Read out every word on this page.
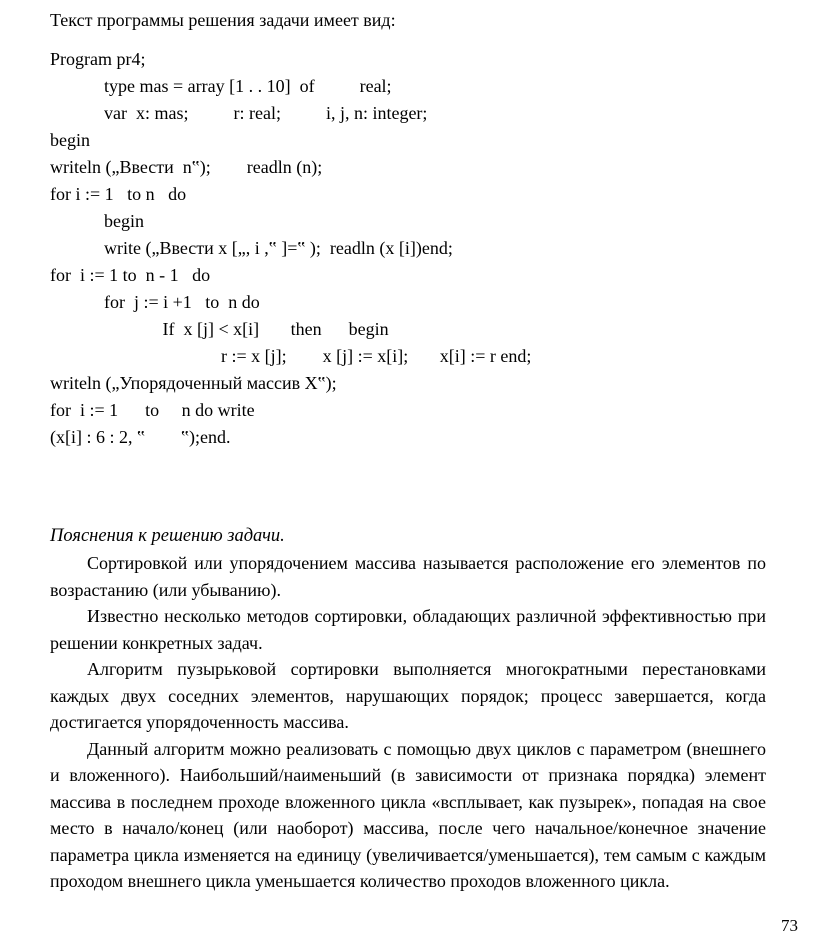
Текст программы решения задачи имеет вид:

Program pr4;
type mas = array [1 . . 10]  of          real;
var  x: mas;          r: real;          i, j, n: integer;
begin
writeln („Ввести  n‟);        readln (n);
for i := 1   to n   do
begin
write („Ввести x [„, i ,‟ ]=‟ );  readln (x [i])end;
for  i := 1 to  n - 1   do
for  j := i +1   to  n do
If  x [j] < x[i]       then      begin
r := x [j];        x [j] := x[i];       x[i] := r end;
writeln („Упорядоченный массив Х‟);
for  i := 1      to     n do write
(x[i] : 6 : 2, ‟        ‟);end.

Пояснения к решению задачи.

Сортировкой или упорядочением массива называется расположение его элементов по возрастанию (или убыванию).

Известно несколько методов сортировки, обладающих различной эффективностью при решении конкретных задач.

Алгоритм пузырьковой сортировки выполняется многократными перестановками каждых двух соседних элементов, нарушающих порядок; процесс завершается, когда достигается упорядоченность массива.

Данный алгоритм можно реализовать с помощью двух циклов с параметром (внешнего и вложенного). Наибольший/наименьший (в зависимости от признака порядка) элемент массива в последнем проходе вложенного цикла «всплывает, как пузырек», попадая на свое место в начало/конец (или наоборот) массива, после чего начальное/конечное значение параметра цикла изменяется на единицу (увеличивается/уменьшается), тем самым с каждым проходом внешнего цикла уменьшается количество проходов вложенного цикла.

73
